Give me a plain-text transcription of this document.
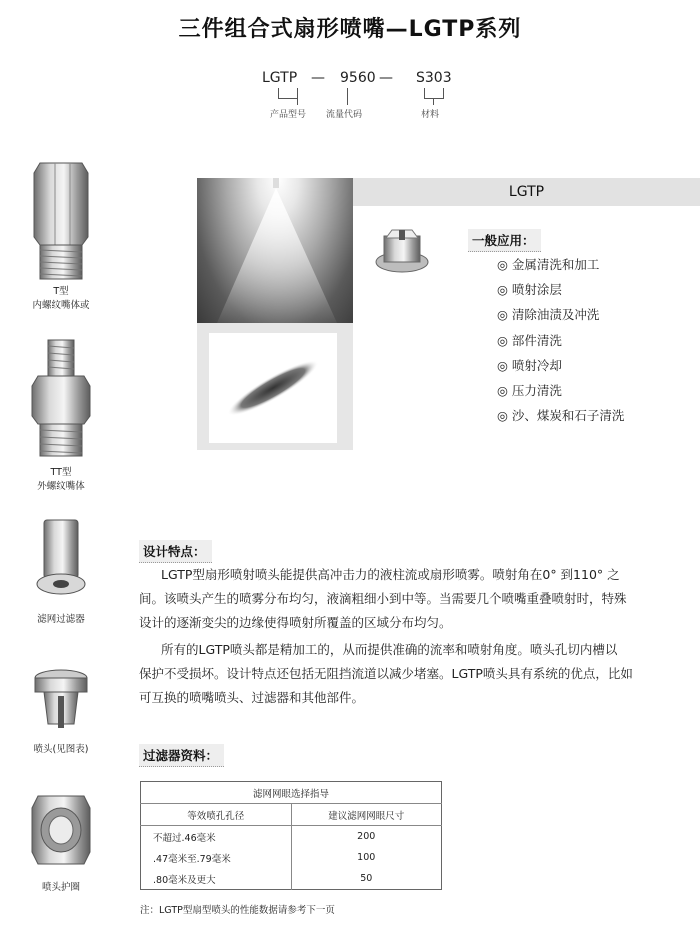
三件组合式扇形喷嘴—LGTP系列
LGTP — 9560 — S303
产品型号 流量代码	材料
T型
内螺纹嘴体或
TT型
外螺纹嘴体
滤网过滤器
喷头(见图表)
喷头护圈
LGTP
一般应用：
◎ 金属清洗和加工
◎ 喷射涂层
◎ 清除油渍及冲洗
◎ 部件清洗
◎ 喷射冷却
◎ 压力清洗
◎ 沙、煤炭和石子清洗
设计特点：
LGTP型扇形喷射喷头能提供高冲击力的液柱流或扇形喷雾。喷射角在0° 到110° 之
间。该喷头产生的喷雾分布均匀，液滴粗细小到中等。当需要几个喷嘴重叠喷射时，特殊
设计的逐渐变尖的边缘使得喷射所覆盖的区域分布均匀。
所有的LGTP喷头都是精加工的，从而提供准确的流率和喷射角度。喷头孔切内槽以
保护不受损坏。设计特点还包括无阻挡流道以减少堵塞。LGTP喷头具有系统的优点，比如
可互换的喷嘴喷头、过滤器和其他部件。
过滤器资料：
滤网网眼选择指导	
等效喷孔孔径	建议滤网网眼尺寸
不超过.46毫米	200
.47毫米至.79毫米	100
.80毫米及更大	50
注：LGTP型扇型喷头的性能数据请参考下一页
